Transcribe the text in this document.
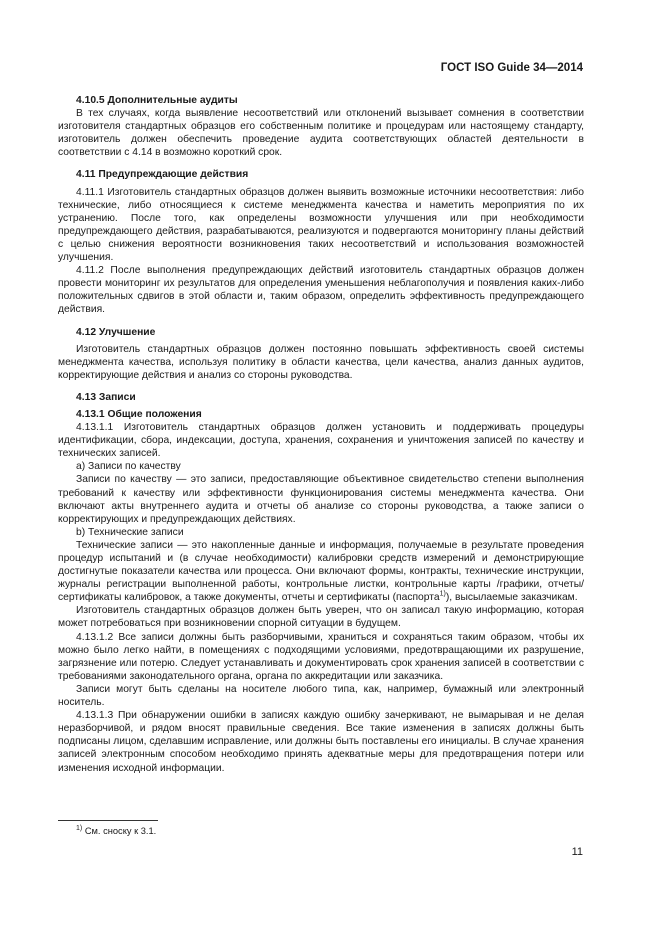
ГОСТ ISO Guide 34—2014

4.10.5 Дополнительные аудиты

В тех случаях, когда выявление несоответствий или отклонений вызывает сомнения в соответствии изготовителя стандартных образцов его собственным политике и процедурам или настоящему стандарту, изготовитель должен обеспечить проведение аудита соответствующих областей деятельности в соответствии с 4.14 в возможно короткий срок.

4.11 Предупреждающие действия

4.11.1 Изготовитель стандартных образцов должен выявить возможные источники несоответствия: либо технические, либо относящиеся к системе менеджмента качества и наметить мероприятия по их устранению. После того, как определены возможности улучшения или при необходимости предупреждающего действия, разрабатываются, реализуются и подвергаются мониторингу планы действий с целью снижения вероятности возникновения таких несоответствий и использования возможностей улучшения.

4.11.2 После выполнения предупреждающих действий изготовитель стандартных образцов должен провести мониторинг их результатов для определения уменьшения неблагополучия и появления каких-либо положительных сдвигов в этой области и, таким образом, определить эффективность предупреждающего действия.

4.12 Улучшение

Изготовитель стандартных образцов должен постоянно повышать эффективность своей системы менеджмента качества, используя политику в области качества, цели качества, анализ данных аудитов, корректирующие действия и анализ со стороны руководства.

4.13 Записи

4.13.1 Общие положения

4.13.1.1 Изготовитель стандартных образцов должен установить и поддерживать процедуры идентификации, сбора, индексации, доступа, хранения, сохранения и уничтожения записей по качеству и технических записей.

а) Записи по качеству

Записи по качеству — это записи, предоставляющие объективное свидетельство степени выполнения требований к качеству или эффективности функционирования системы менеджмента качества. Они включают акты внутреннего аудита и отчеты об анализе со стороны руководства, а также записи о корректирующих и предупреждающих действиях.

b) Технические записи

Технические записи — это накопленные данные и информация, получаемые в результате проведения процедур испытаний и (в случае необходимости) калибровки средств измерений и демонстрирующие достигнутые показатели качества или процесса. Они включают формы, контракты, технические инструкции, журналы регистрации выполненной работы, контрольные листки, контрольные карты /графики, отчеты/сертификаты калибровок, а также документы, отчеты и сертификаты (паспорта$^{1)}$), высылаемые заказчикам.

Изготовитель стандартных образцов должен быть уверен, что он записал такую информацию, которая может потребоваться при возникновении спорной ситуации в будущем.

4.13.1.2 Все записи должны быть разборчивыми, храниться и сохраняться таким образом, чтобы их можно было легко найти, в помещениях с подходящими условиями, предотвращающими их разрушение, загрязнение или потерю. Следует устанавливать и документировать срок хранения записей в соответствии с требованиями законодательного органа, органа по аккредитации или заказчика.

Записи могут быть сделаны на носителе любого типа, как, например, бумажный или электронный носитель.

4.13.1.3 При обнаружении ошибки в записях каждую ошибку зачеркивают, не вымарывая и не делая неразборчивой, и рядом вносят правильные сведения. Все такие изменения в записях должны быть подписаны лицом, сделавшим исправление, или должны быть поставлены его инициалы. В случае хранения записей электронным способом необходимо принять адекватные меры для предотвращения потери или изменения исходной информации.

$^{1)}$ См. сноску к 3.1.
11
